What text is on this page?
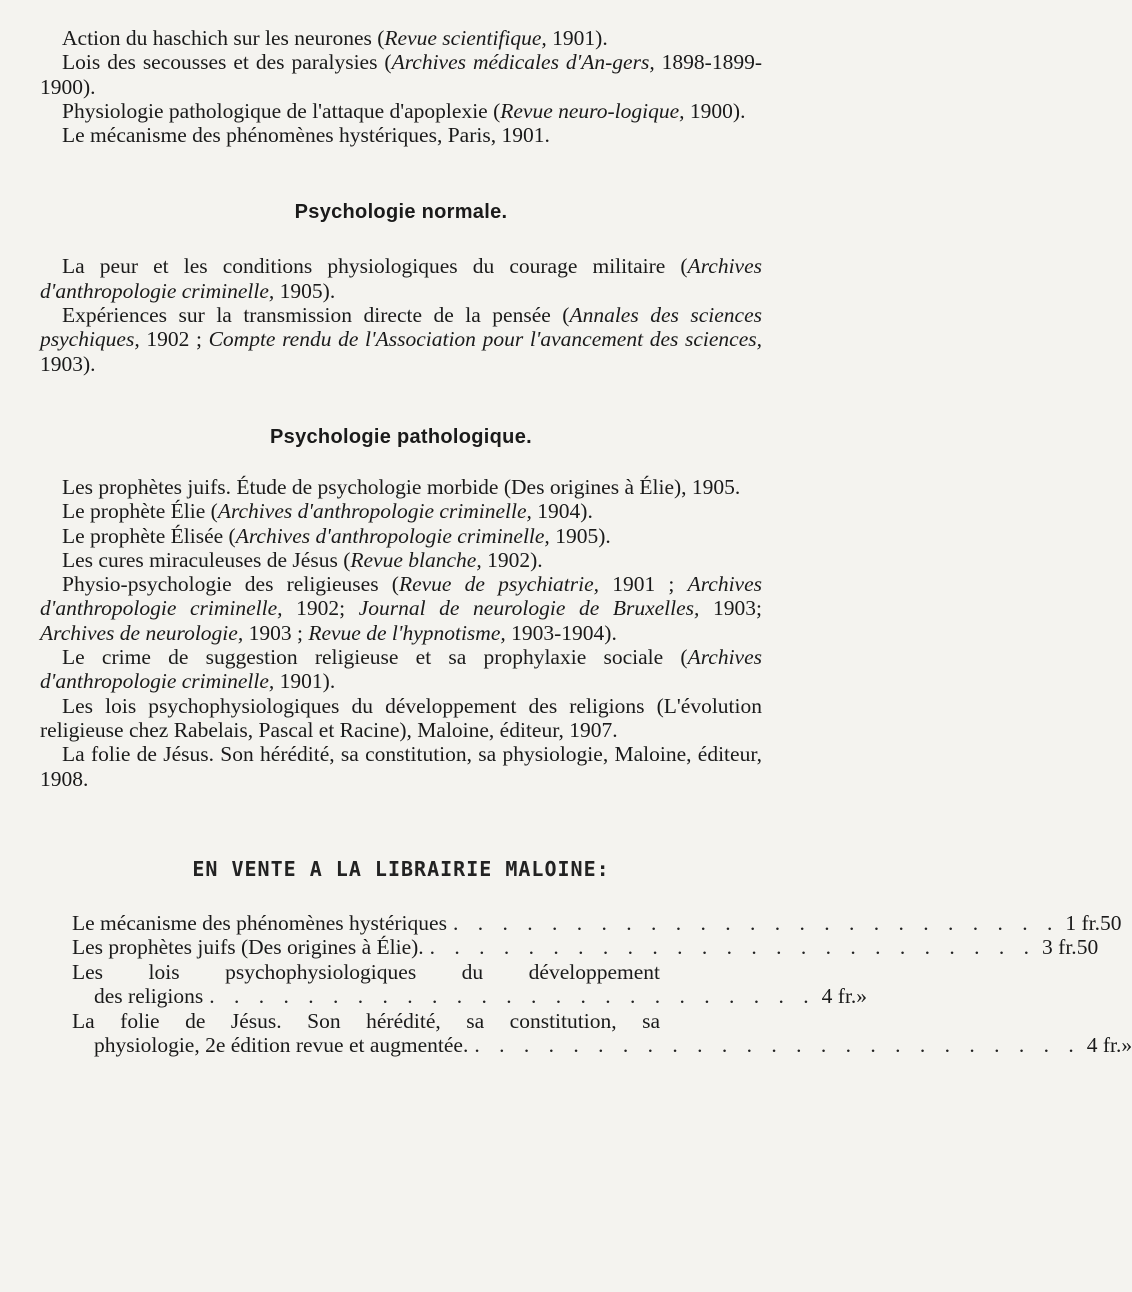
Action du haschich sur les neurones (Revue scientifique, 1901).

Lois des secousses et des paralysies (Archives médicales d'An-gers, 1898-1899-1900).

Physiologie pathologique de l'attaque d'apoplexie (Revue neuro-logique, 1900).

Le mécanisme des phénomènes hystériques, Paris, 1901.

Psychologie normale.

La peur et les conditions physiologiques du courage militaire (Archives d'anthropologie criminelle, 1905).

Expériences sur la transmission directe de la pensée (Annales des sciences psychiques, 1902 ; Compte rendu de l'Association pour l'avancement des sciences, 1903).

Psychologie pathologique.

Les prophètes juifs. Étude de psychologie morbide (Des origines à Élie), 1905.

Le prophète Élie (Archives d'anthropologie criminelle, 1904).

Le prophète Élisée (Archives d'anthropologie criminelle, 1905).

Les cures miraculeuses de Jésus (Revue blanche, 1902).

Physio-psychologie des religieuses (Revue de psychiatrie, 1901 ; Archives d'anthropologie criminelle, 1902; Journal de neurologie de Bruxelles, 1903; Archives de neurologie, 1903 ; Revue de l'hypnotisme, 1903-1904).

Le crime de suggestion religieuse et sa prophylaxie sociale (Archives d'anthropologie criminelle, 1901).

Les lois psychophysiologiques du développement des religions (L'évolution religieuse chez Rabelais, Pascal et Racine), Maloine, éditeur, 1907.

La folie de Jésus. Son hérédité, sa constitution, sa physiologie, Maloine, éditeur, 1908.

EN VENTE A LA LIBRAIRIE MALOINE:
Le mécanisme des phénomènes hystériques . . . . . . . . . . . . . . . . . . . . . . . . . 1 fr. 50
Les prophètes juifs (Des origines à Élie). . . . . . . . . . . . . . . . . . . . . . . . . . 3 fr. 50
Les lois psychophysiologiques du développement
des religions . . . . . . . . . . . . . . . . . . . . . . . . . 4 fr. »
La folie de Jésus. Son hérédité, sa constitution, sa
physiologie, 2e édition revue et augmentée. . . . . . . . . . . . . . . . . . . . . . . . . . 4 fr. »
